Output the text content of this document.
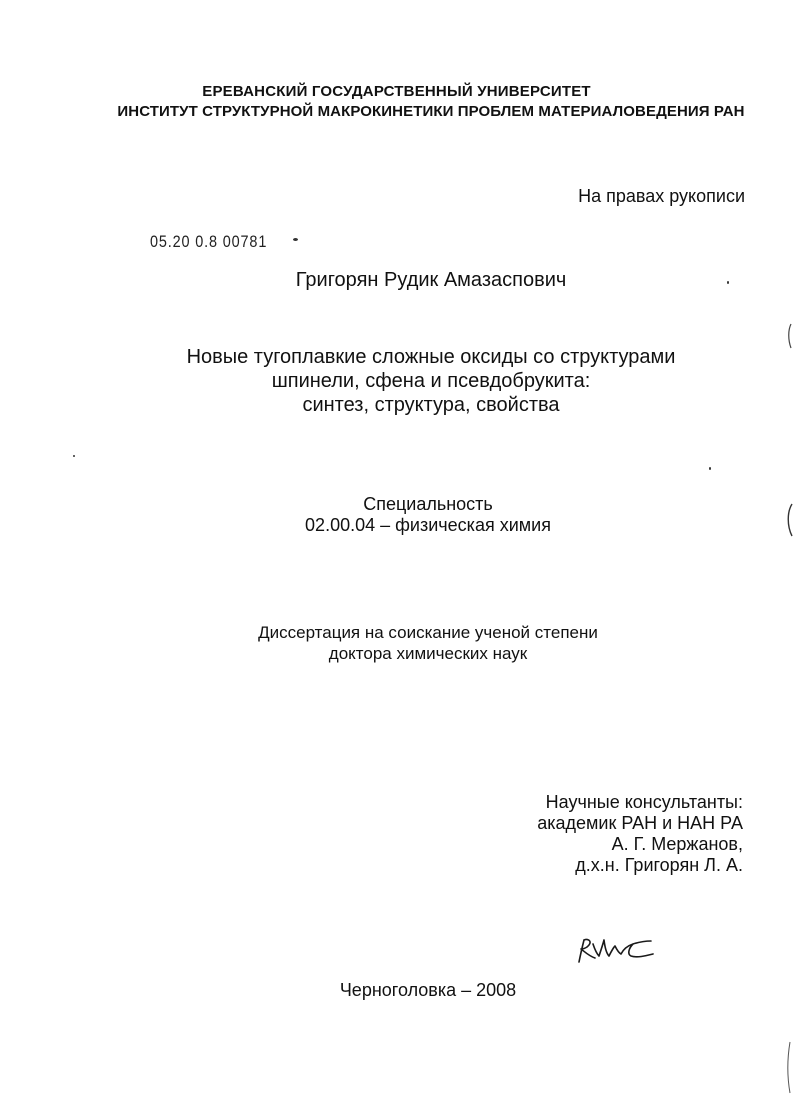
ЕРЕВАНСКИЙ ГОСУДАРСТВЕННЫЙ УНИВЕРСИТЕТ
ИНСТИТУТ СТРУКТУРНОЙ МАКРОКИНЕТИКИ ПРОБЛЕМ МАТЕРИАЛОВЕДЕНИЯ РАН
На правах рукописи
05.20 0.8 00781
Григорян Рудик Амазаспович
Новые тугоплавкие сложные оксиды со структурами
шпинели, сфена и псевдобрукита:
синтез, структура, свойства
Специальность
02.00.04 – физическая химия
Диссертация на соискание ученой степени
доктора химических наук
Научные консультанты:
академик РАН и НАН РА
А. Г. Мержанов,
д.х.н. Григорян Л. А.
Черноголовка – 2008
